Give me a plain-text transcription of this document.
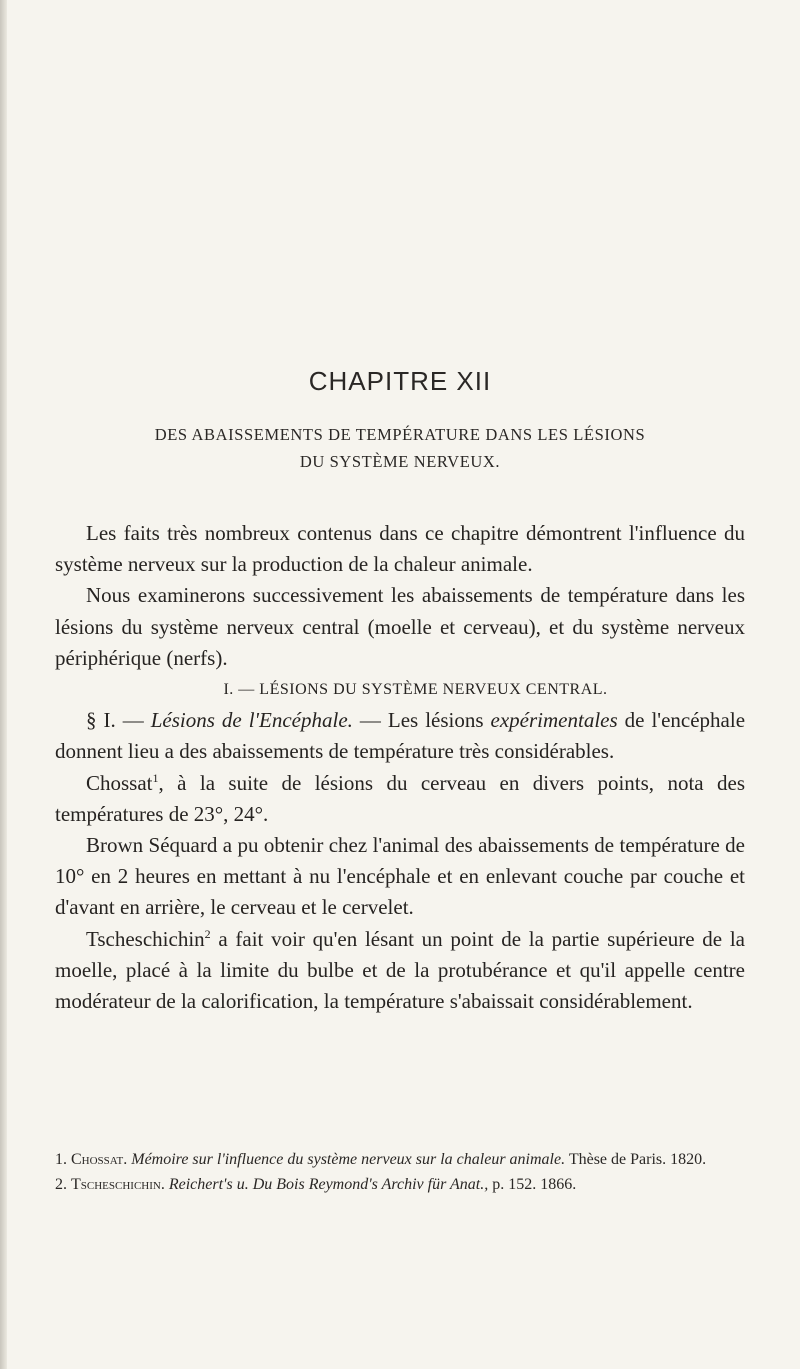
CHAPITRE XII
DES ABAISSEMENTS DE TEMPÉRATURE DANS LES LÉSIONS
DU SYSTÈME NERVEUX.

Les faits très nombreux contenus dans ce chapitre démontrent l'influence du système nerveux sur la production de la chaleur animale.

Nous examinerons successivement les abaissements de température dans les lésions du système nerveux central (moelle et cerveau), et du système nerveux périphérique (nerfs).

I. — LÉSIONS DU SYSTÈME NERVEUX CENTRAL.

§ I. — Lésions de l'Encéphale. — Les lésions expérimentales de l'encéphale donnent lieu a des abaissements de température très considérables.

Chossat$^1$, à la suite de lésions du cerveau en divers points, nota des températures de 23°, 24°.

Brown Séquard a pu obtenir chez l'animal des abaissements de température de 10° en 2 heures en mettant à nu l'encéphale et en enlevant couche par couche et d'avant en arrière, le cerveau et le cervelet.

Tscheschichin$^2$ a fait voir qu'en lésant un point de la partie supérieure de la moelle, placé à la limite du bulbe et de la protubérance et qu'il appelle centre modérateur de la calorification, la température s'abaissait considérablement.

1. Chossat. Mémoire sur l'influence du système nerveux sur la chaleur animale. Thèse de Paris. 1820.

2. Tscheschichin. Reichert's u. Du Bois Reymond's Archiv für Anat., p. 152. 1866.
